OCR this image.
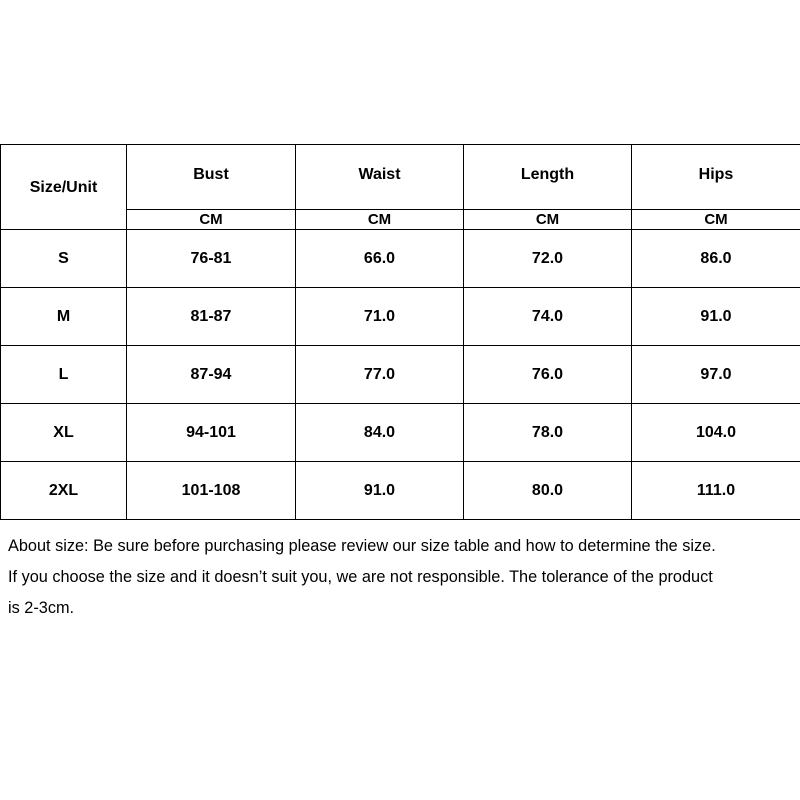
Size/Unit	Bust	Waist	Length	Hips

	CM	CM	CM	CM
S	76-81	66.0	72.0	86.0
M	81-87	71.0	74.0	91.0
L	87-94	77.0	76.0	97.0
XL	94-101	84.0	78.0	104.0
2XL	101-108	91.0	80.0	111.0

About size: Be sure before purchasing please review our size table and how to determine the size.

If you choose the size and it doesn’t suit you, we are not responsible. The tolerance of the product

is 2-3cm.
